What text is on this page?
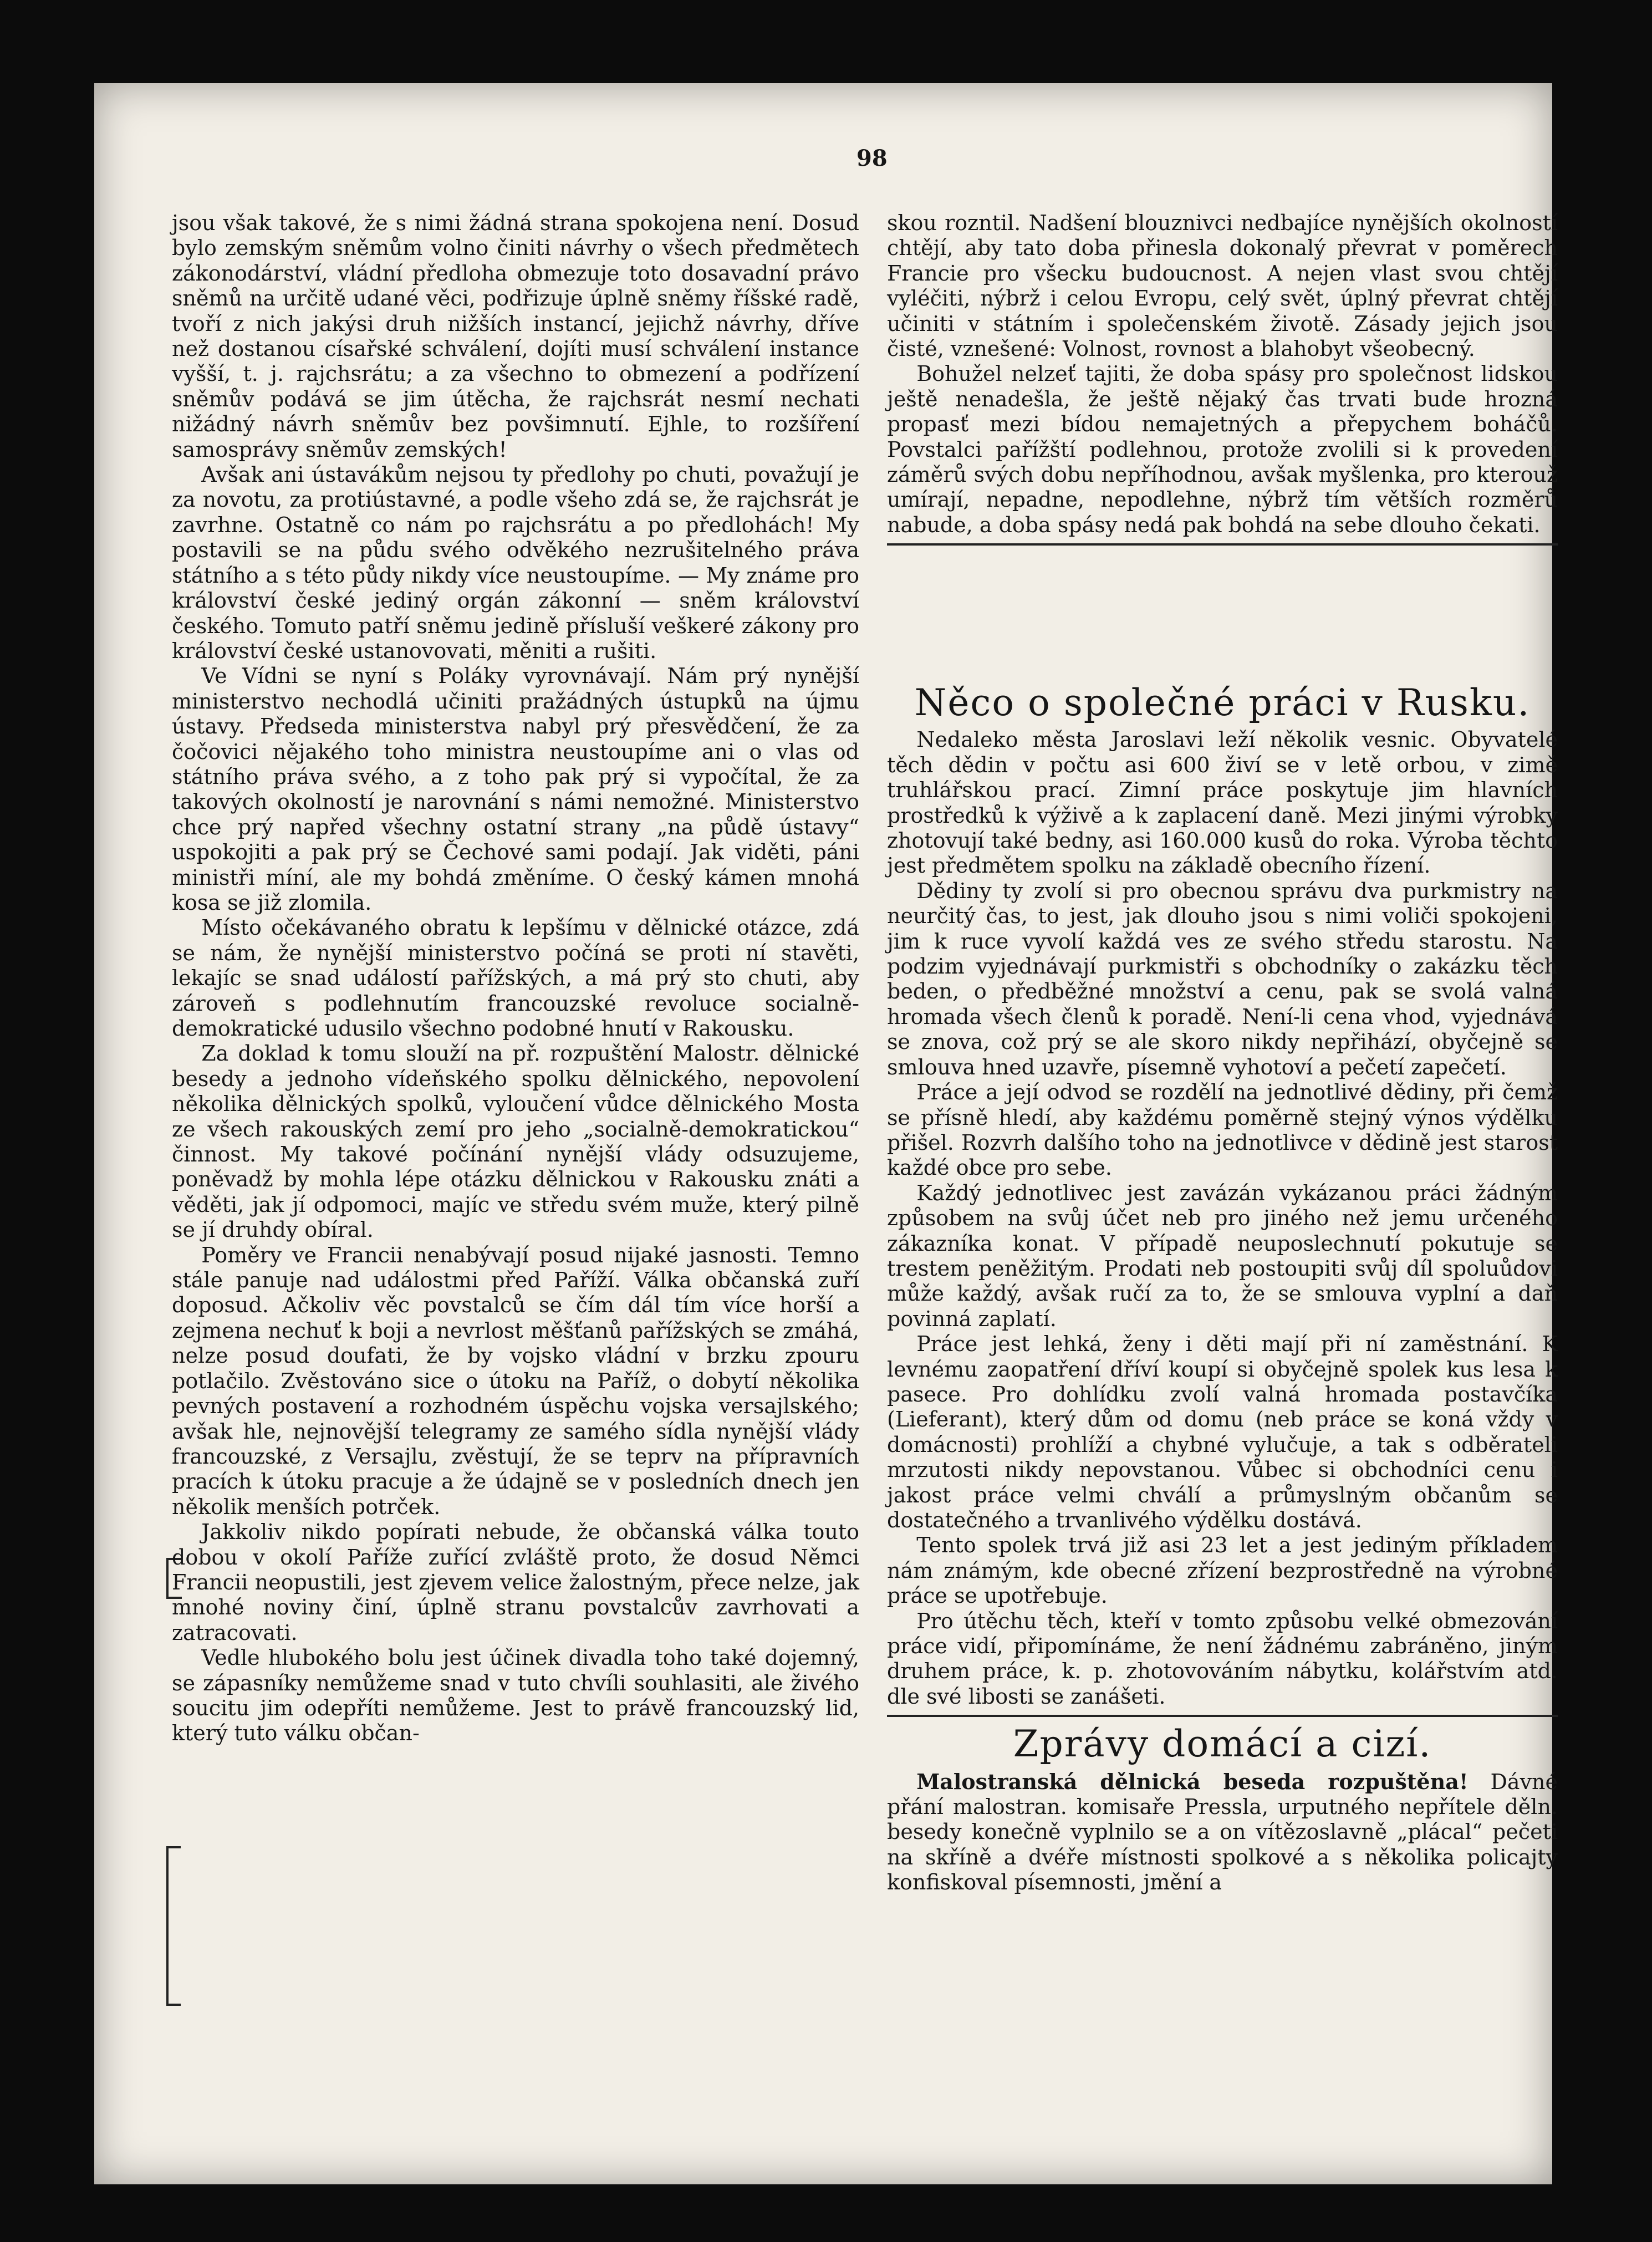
98

jsou však takové, že s nimi žádná strana spokojena není. Dosud bylo zemským sněmům volno činiti návrhy o všech předmětech zákonodárství, vládní předloha obmezuje toto dosavadní právo sněmů na určitě udané věci, podřizuje úplně sněmy říšské radě, tvoří z nich jakýsi druh nižších instancí, jejichž návrhy, dříve než dostanou císařské schválení, dojíti musí schválení instance vyšší, t. j. rajchsrátu; a za všechno to obmezení a podřízení sněmův podává se jim útěcha, že rajchsrát nesmí nechati nižádný návrh sněmův bez povšimnutí. Ejhle, to rozšíření samosprávy sněmův zemských!

Avšak ani ústavákům nejsou ty předlohy po chuti, považují je za novotu, za protiústavné, a podle všeho zdá se, že rajchsrát je zavrhne. Ostatně co nám po rajchsrátu a po předlohách! My postavili se na půdu svého odvěkého nezrušitelného práva státního a s této půdy nikdy více neustoupíme. — My známe pro království české jediný orgán zákonní — sněm království českého. Tomuto patří sněmu jedině přísluší veškeré zákony pro království české ustanovovati, měniti a rušiti.

Ve Vídni se nyní s Poláky vyrovnávají. Nám prý nynější ministerstvo nechodlá učiniti pražádných ústupků na újmu ústavy. Předseda ministerstva nabyl prý přesvědčení, že za čočovici nějakého toho ministra neustoupíme ani o vlas od státního práva svého, a z toho pak prý si vypočítal, že za takových okolností je narovnání s námi nemožné. Ministerstvo chce prý napřed všechny ostatní strany „na půdě ústavy“ uspokojiti a pak prý se Čechové sami podají. Jak viděti, páni ministři míní, ale my bohdá změníme. O český kámen mnohá kosa se již zlomila.

Místo očekávaného obratu k lepšímu v dělnické otázce, zdá se nám, že nynější ministerstvo počíná se proti ní stavěti, lekajíc se snad událostí pařížských, a má prý sto chuti, aby zároveň s podlehnutím francouzské revoluce socialně-demokratické udusilo všechno podobné hnutí v Rakousku.

Za doklad k tomu slouží na př. rozpuštění Malostr. dělnické besedy a jednoho vídeňského spolku dělnického, nepovolení několika dělnických spolků, vyloučení vůdce dělnického Mosta ze všech rakouských zemí pro jeho „socialně-demokratickou“ činnost. My takové počínání nynější vlády odsuzujeme, poněvadž by mohla lépe otázku dělnickou v Rakousku znáti a věděti, jak jí odpomoci, majíc ve středu svém muže, který pilně se jí druhdy obíral.

Poměry ve Francii nenabývají posud nijaké jasnosti. Temno stále panuje nad událostmi před Paříží. Válka občanská zuří doposud. Ačkoliv věc povstalců se čím dál tím více horší a zejmena nechuť k boji a nevrlost měšťanů pařížských se zmáhá, nelze posud doufati, že by vojsko vládní v brzku zpouru potlačilo. Zvěstováno sice o útoku na Paříž, o dobytí několika pevných postavení a rozhodném úspěchu vojska versajlského; avšak hle, nejnovější telegramy ze samého sídla nynější vlády francouzské, z Versajlu, zvěstují, že se teprv na přípravních pracích k útoku pracuje a že údajně se v posledních dnech jen několik menších potrček.

Jakkoliv nikdo popírati nebude, že občanská válka touto dobou v okolí Paříže zuřící zvláště proto, že dosud Němci Francii neopustili, jest zjevem velice žalostným, přece nelze, jak mnohé noviny činí, úplně stranu povstalcův zavrhovati a zatracovati.

Vedle hlubokého bolu jest účinek divadla toho také dojemný, se zápasníky nemůžeme snad v tuto chvíli souhlasiti, ale živého soucitu jim odepříti nemůžeme. Jest to právě francouzský lid, který tuto válku občan-

skou rozntil. Nadšení blouznivci nedbajíce nynějších okolností chtějí, aby tato doba přinesla dokonalý převrat v poměrech Francie pro všecku budoucnost. A nejen vlast svou chtějí vyléčiti, nýbrž i celou Evropu, celý svět, úplný převrat chtějí učiniti v státním i společenském životě. Zásady jejich jsou čisté, vznešené: Volnost, rovnost a blahobyt všeobecný.

Bohužel nelzeť tajiti, že doba spásy pro společnost lidskou ještě nenadešla, že ještě nějaký čas trvati bude hrozná propasť mezi bídou nemajetných a přepychem boháčů. Povstalci pařížští podlehnou, protože zvolili si k provedení záměrů svých dobu nepříhodnou, avšak myšlenka, pro kterouž umírají, nepadne, nepodlehne, nýbrž tím větších rozměrů nabude, a doba spásy nedá pak bohdá na sebe dlouho čekati.

Něco o společné práci v Rusku.

Nedaleko města Jaroslavi leží několik vesnic. Obyvatelé těch dědin v počtu asi 600 živí se v letě orbou, v zimě truhlářskou prací. Zimní práce poskytuje jim hlavních prostředků k výživě a k zaplacení daně. Mezi jinými výrobky zhotovují také bedny, asi 160.000 kusů do roka. Výroba těchto jest předmětem spolku na základě obecního řízení.

Dědiny ty zvolí si pro obecnou správu dva purkmistry na neurčitý čas, to jest, jak dlouho jsou s nimi voliči spokojeni, jim k ruce vyvolí každá ves ze svého středu starostu. Na podzim vyjednávají purkmistři s obchodníky o zakázku těch beden, o předběžné množství a cenu, pak se svolá valná hromada všech členů k poradě. Není-li cena vhod, vyjednává se znova, což prý se ale skoro nikdy nepřihází, obyčejně se smlouva hned uzavře, písemně vyhotoví a pečetí zapečetí.

Práce a její odvod se rozdělí na jednotlivé dědiny, při čemž se přísně hledí, aby každému poměrně stejný výnos výdělku přišel. Rozvrh dalšího toho na jednotlivce v dědině jest starost každé obce pro sebe.

Každý jednotlivec jest zavázán vykázanou práci žádným způsobem na svůj účet neb pro jiného než jemu určeného zákazníka konat. V případě neuposlechnutí pokutuje se trestem peněžitým. Prodati neb postoupiti svůj díl spoluůdovi může každý, avšak ručí za to, že se smlouva vyplní a daň povinná zaplatí.

Práce jest lehká, ženy i děti mají při ní zaměstnání. K levnému zaopatření dříví koupí si obyčejně spolek kus lesa k pasece. Pro dohlídku zvolí valná hromada postavčíka (Lieferant), který dům od domu (neb práce se koná vždy v domácnosti) prohlíží a chybné vylučuje, a tak s odběrateli mrzutosti nikdy nepovstanou. Vůbec si obchodníci cenu i jakost práce velmi chválí a průmyslným občanům se dostatečného a trvanlivého výdělku dostává.

Tento spolek trvá již asi 23 let a jest jediným příkladem nám známým, kde obecné zřízení bezprostředně na výrobné práce se upotřebuje.

Pro útěchu těch, kteří v tomto způsobu velké obmezování práce vidí, připomínáme, že není žádnému zabráněno, jiným druhem práce, k. p. zhotovováním nábytku, kolářstvím atd. dle své libosti se zanášeti.

Zprávy domácí a cizí.

Malostranská dělnická beseda rozpuštěna! Dávné přání malostran. komisaře Pressla, urputného nepřítele děln. besedy konečně vyplnilo se a on vítězoslavně „plácal“ pečeti na skříně a dvéře místnosti spolkové a s několika policajty konfiskoval písemnosti, jmění a
